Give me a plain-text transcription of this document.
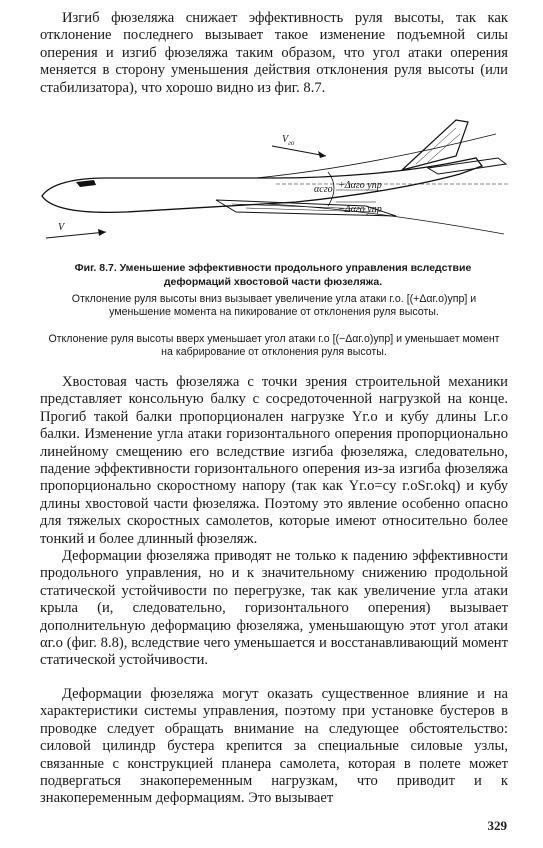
Изгиб фюзеляжа снижает эффективность руля высоты, так как отклонение последнего вызывает такое изменение подъемной силы оперения и изгиб фюзеляжа таким образом, что угол атаки оперения меняется в сторону уменьшения действия отклонения руля высоты (или стабилизатора), что хорошо видно из фиг. 8.7.

$V_{го}$
V
αсго +Δαго упр
−Δαго упр

Фиг. 8.7. Уменьшение эффективности продольного управления вследствие деформаций хвостовой части фюзеляжа.

Отклонение руля высоты вниз вызывает увеличение угла атаки г.о. [(+Δαг.о)упр] и уменьшение момента на пикирование от отклонения руля высоты.

Отклонение руля высоты вверх уменьшает угол атаки г.о [(−Δαг.о)упр] и уменьшает момент на кабрирование от отклонения руля высоты.

Хвостовая часть фюзеляжа с точки зрения строительной механики представляет консольную балку с сосредоточенной нагрузкой на конце. Прогиб такой балки пропорционален нагрузке Yг.о и кубу длины Lг.о балки. Изменение угла атаки горизонтального оперения пропорционально линейному смещению его вследствие изгиба фюзеляжа, следовательно, падение эффективности горизонтального оперения из-за изгиба фюзеляжа пропорционально скоростному напору (так как Yг.о=cy г.оSг.оkq) и кубу длины хвостовой части фюзеляжа. Поэтому это явление особенно опасно для тяжелых скоростных самолетов, которые имеют относительно более тонкий и более длинный фюзеляж.

Деформации фюзеляжа приводят не только к падению эффективности продольного управления, но и к значительному снижению продольной статической устойчивости по перегрузке, так как увеличение угла атаки крыла (и, следовательно, горизонтального оперения) вызывает дополнительную деформацию фюзеляжа, уменьшающую этот угол атаки αг.о (фиг. 8.8), вследствие чего уменьшается и восстанавливающий момент статической устойчивости.

Деформации фюзеляжа могут оказать существенное влияние и на характеристики системы управления, поэтому при установке бустеров в проводке следует обращать внимание на следующее обстоятельство: силовой цилиндр бустера крепится за специальные силовые узлы, связанные с конструкцией планера самолета, которая в полете может подвергаться знакопеременным нагрузкам, что приводит и к знакопеременным деформациям. Это вызывает

329
